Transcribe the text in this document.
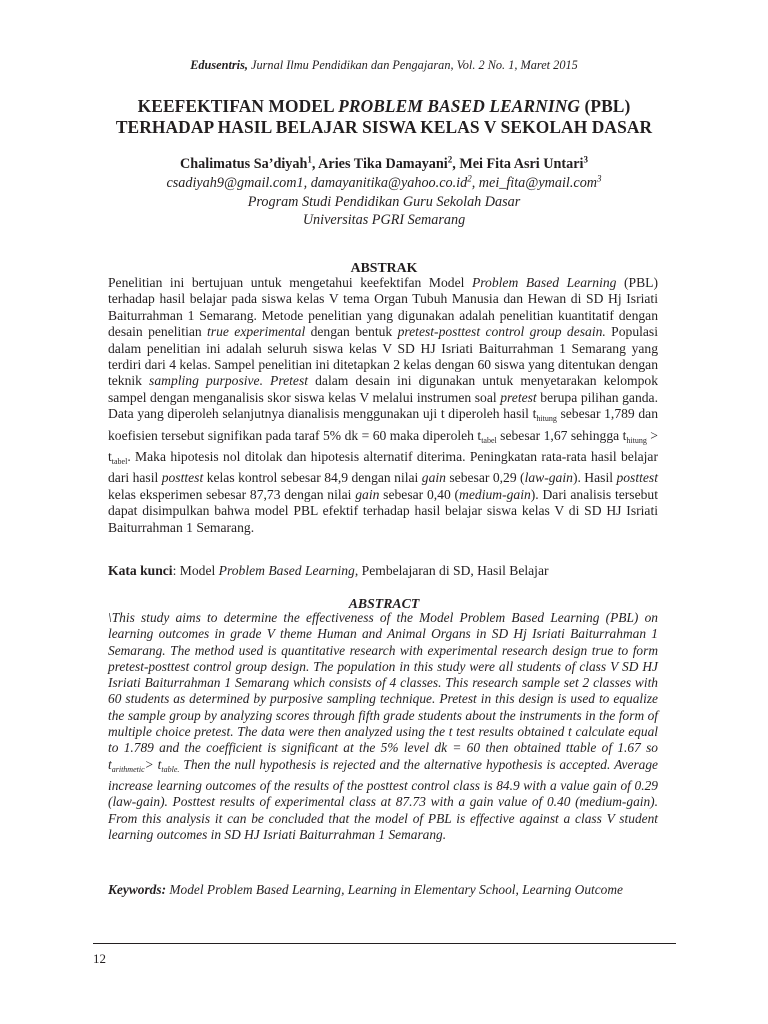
Edusentris, Jurnal Ilmu Pendidikan dan Pengajaran, Vol. 2 No. 1, Maret 2015
KEEFEKTIFAN MODEL PROBLEM BASED LEARNING (PBL)
TERHADAP HASIL BELAJAR SISWA KELAS V SEKOLAH DASAR
Chalimatus Sa’diyah$^1$, Aries Tika Damayani$^2$, Mei Fita Asri Untari$^3$
csadiyah9@gmail.com1, $damayanitika@yahoo.co.id^2$, mei_fita@ymail.com$^3$
Program Studi Pendidikan Guru Sekolah Dasar
Universitas PGRI Semarang
ABSTRAK
Penelitian ini bertujuan untuk mengetahui keefektifan Model Problem Based Learning (PBL) terhadap hasil belajar pada siswa kelas V tema Organ Tubuh Manusia dan Hewan di SD Hj Isriati Baiturrahman 1 Semarang. Metode penelitian yang digunakan adalah penelitian kuantitatif dengan desain penelitian true experimental dengan bentuk pretest-posttest control group desain. Populasi dalam penelitian ini adalah seluruh siswa kelas V SD HJ Isriati Baiturrahman 1 Semarang yang terdiri dari 4 kelas. Sampel penelitian ini ditetapkan 2 kelas dengan 60 siswa yang ditentukan dengan teknik sampling purposive. Pretest dalam desain ini digunakan untuk menyetarakan kelompok sampel dengan menganalisis skor siswa kelas V melalui instrumen soal pretest berupa pilihan ganda. Data yang diperoleh selanjutnya dianalisis menggunakan uji t diperoleh hasil $t_{hitung}$ sebesar 1,789 dan koefisien tersebut signifikan pada taraf 5% dk = 60 maka diperoleh $t_{tabel}$ sebesar 1,67 sehingga $t_{hitung} > t_{tabel}$. Maka hipotesis nol ditolak dan hipotesis alternatif diterima. Peningkatan rata-rata hasil belajar dari hasil posttest kelas kontrol sebesar 84,9 dengan nilai gain sebesar 0,29 (law-gain). Hasil posttest kelas eksperimen sebesar 87,73 dengan nilai gain sebesar 0,40 (medium-gain). Dari analisis tersebut dapat disimpulkan bahwa model PBL efektif terhadap hasil belajar siswa kelas V di SD HJ Isriati Baiturrahman 1 Semarang.
Kata kunci: Model Problem Based Learning, Pembelajaran di SD, Hasil Belajar
ABSTRACT
\This study aims to determine the effectiveness of the Model Problem Based Learning (PBL) on learning outcomes in grade V theme Human and Animal Organs in SD Hj Isriati Baiturrahman 1 Semarang. The method used is quantitative research with experimental research design true to form pretest-posttest control group design. The population in this study were all students of class V SD HJ Isriati Baiturrahman 1 Semarang which consists of 4 classes. This research sample set 2 classes with 60 students as determined by purposive sampling technique. Pretest in this design is used to equalize the sample group by analyzing scores through fifth grade students about the instruments in the form of multiple choice pretest. The data were then analyzed using the t test results obtained t calculate equal to 1.789 and the coefficient is significant at the 5% level dk = 60 then obtained ttable of 1.67 so $t_{arithmetic}> t_{table.}$ Then the null hypothesis is rejected and the alternative hypothesis is accepted. Average increase learning outcomes of the results of the posttest control class is 84.9 with a value gain of 0.29 (law-gain). Posttest results of experimental class at 87.73 with a gain value of 0.40 (medium-gain). From this analysis it can be concluded that the model of PBL is effective against a class V student learning outcomes in SD HJ Isriati Baiturrahman 1 Semarang.
Keywords: Model Problem Based Learning, Learning in Elementary School, Learning Outcome
12
